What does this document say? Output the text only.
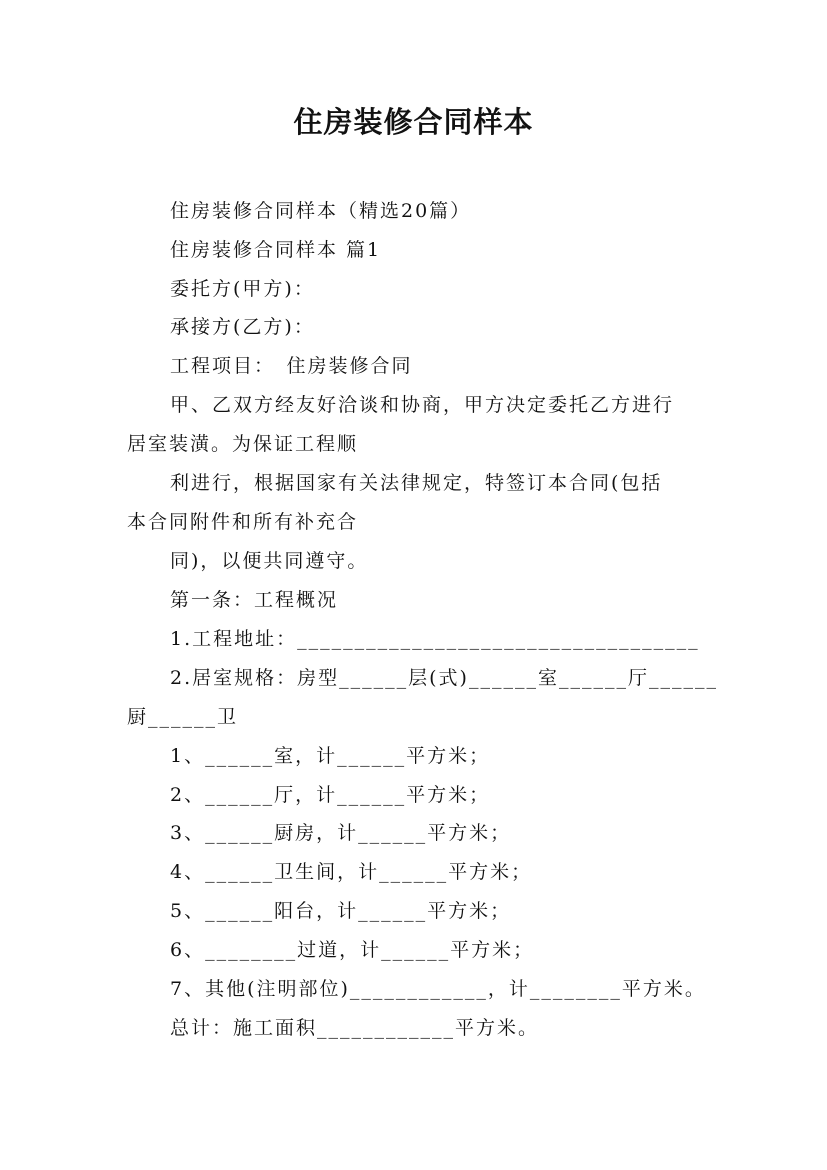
住房装修合同样本
住房装修合同样本（精选20篇）
住房装修合同样本 篇1
委托方(甲方)：
承接方(乙方)：
工程项目：　住房装修合同
甲、乙双方经友好洽谈和协商，甲方决定委托乙方进行
居室装潢。为保证工程顺
利进行，根据国家有关法律规定，特签订本合同(包括
本合同附件和所有补充合
同)，以便共同遵守。
第一条：工程概况
1.工程地址：___________________________________
2.居室规格：房型______层(式)______室______厅______
厨______卫
1、______室，计______平方米；
2、______厅，计______平方米；
3、______厨房，计______平方米；
4、______卫生间，计______平方米；
5、______阳台，计______平方米；
6、________过道，计______平方米；
7、其他(注明部位)____________，计________平方米。
总计：施工面积____________平方米。
